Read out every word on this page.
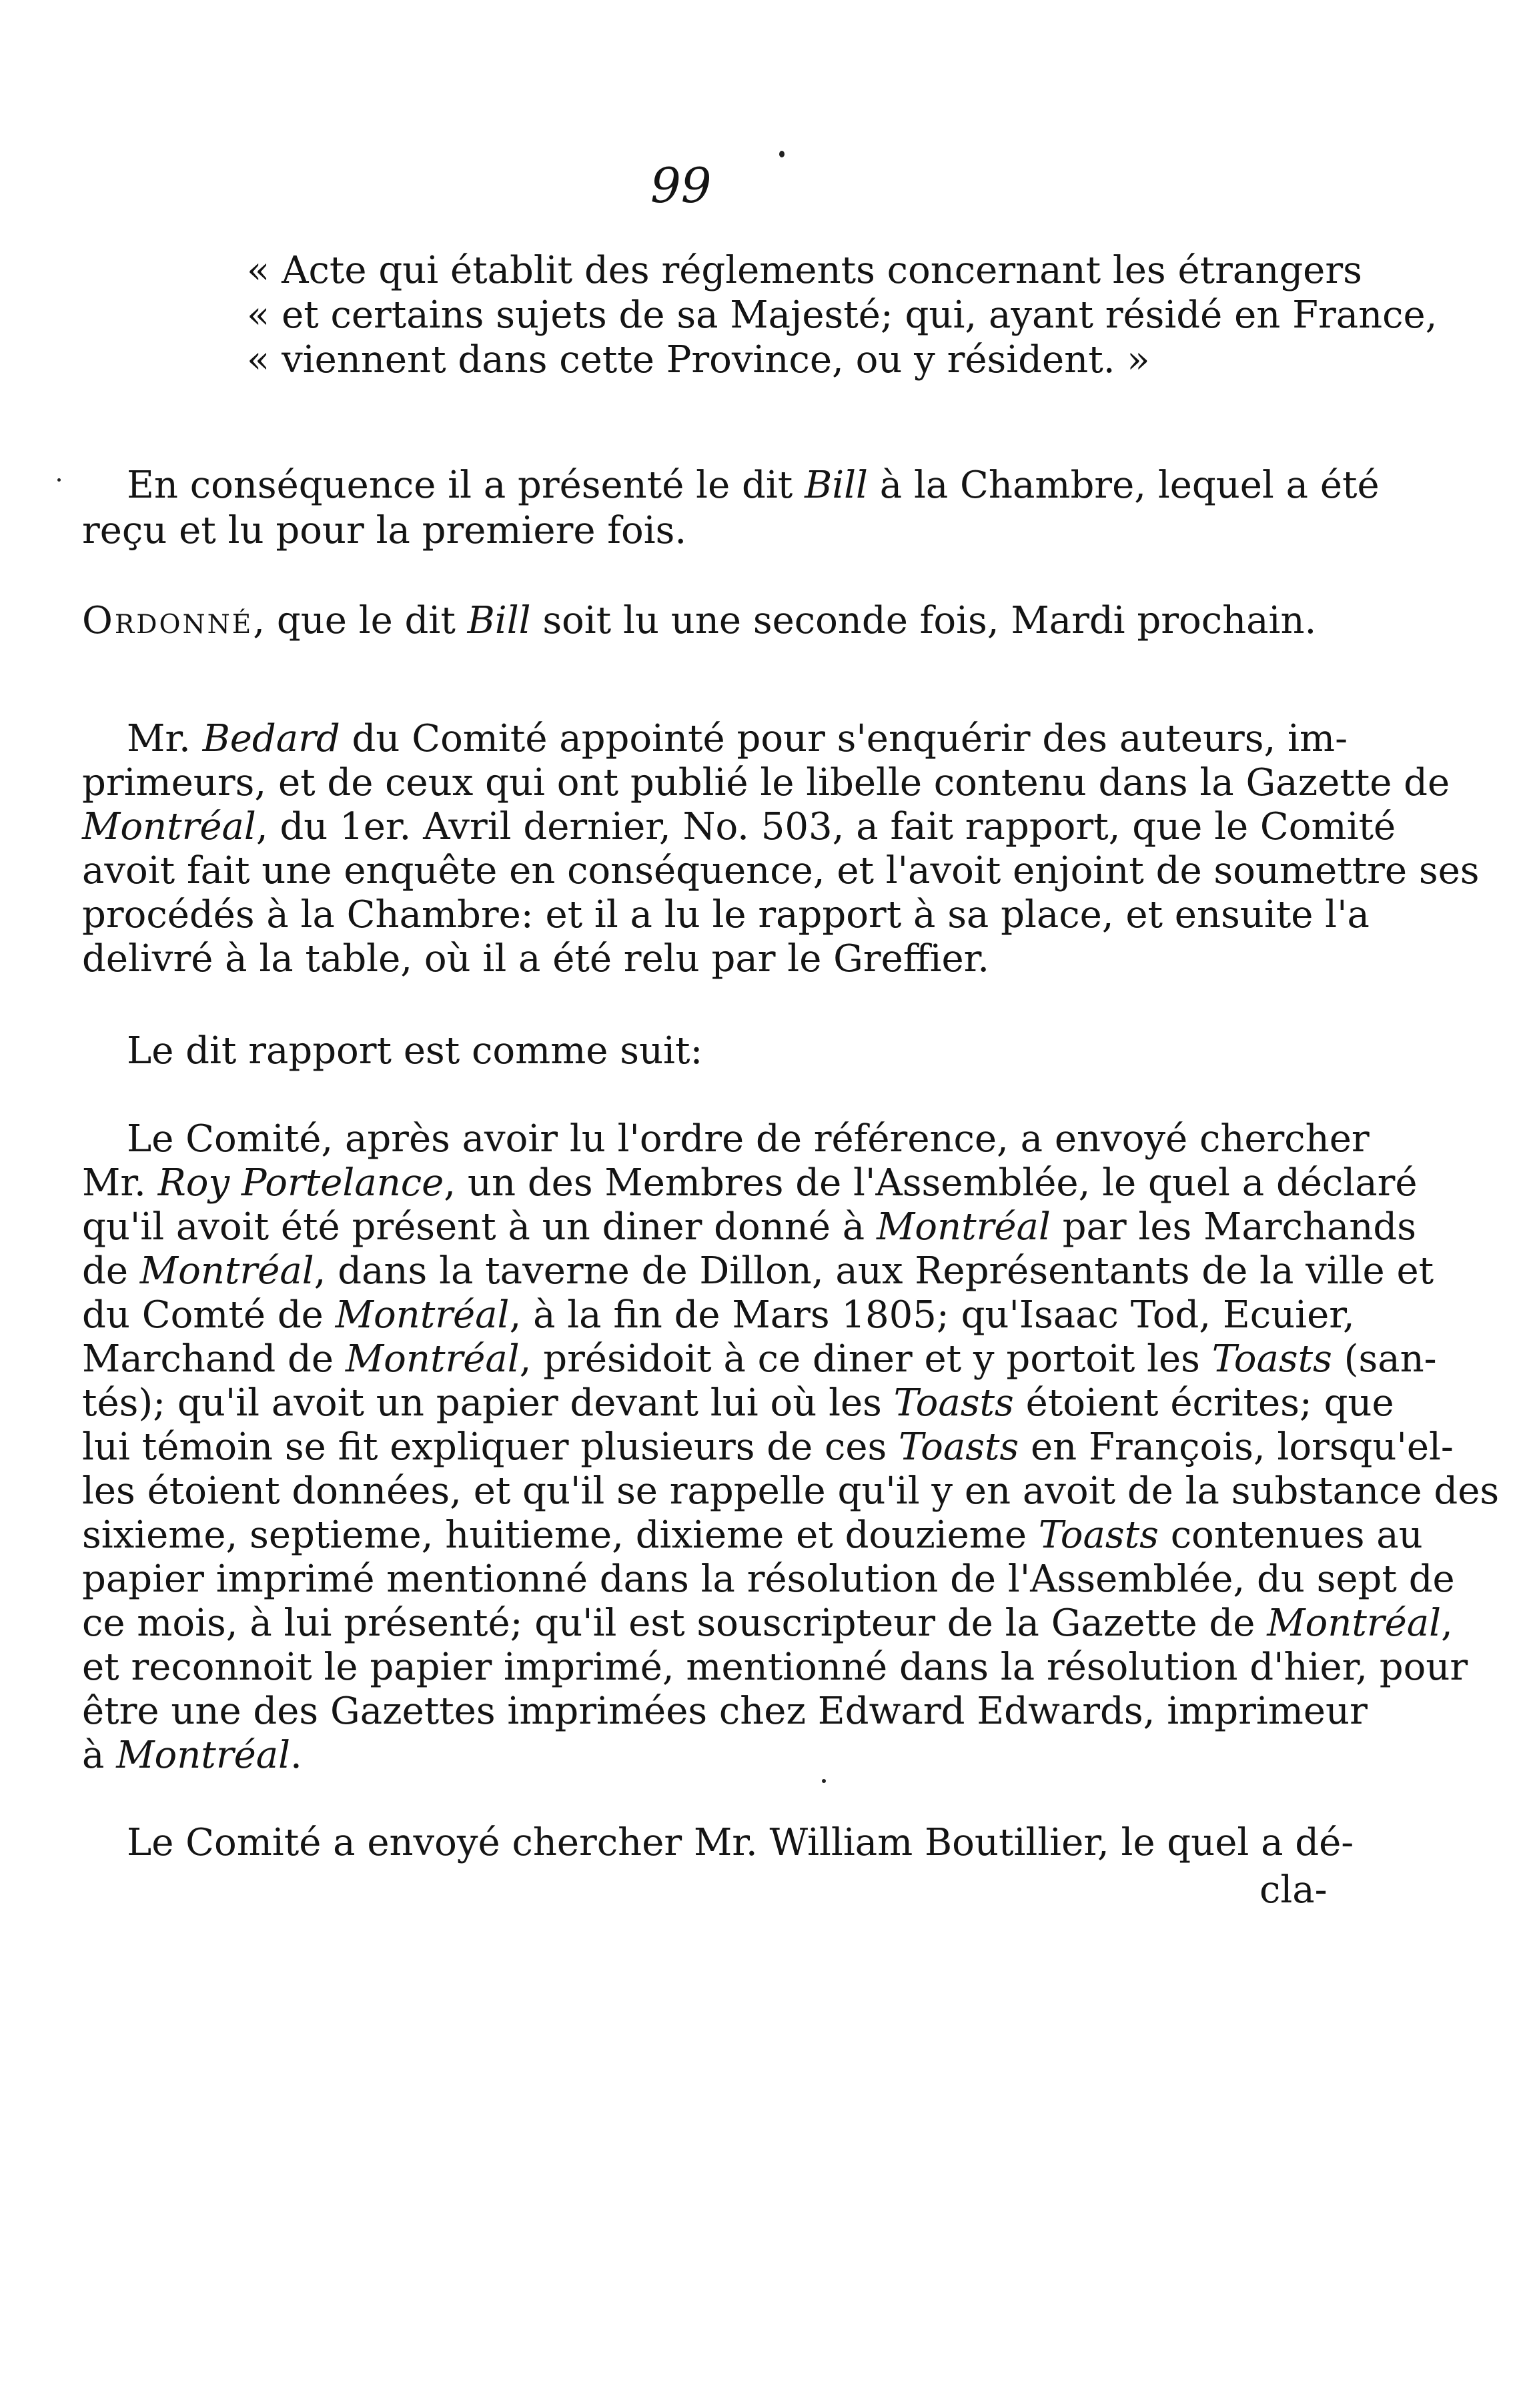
99
« Acte qui établit des réglements concernant les étrangers
« et certains sujets de sa Majesté; qui, ayant résidé en France,
« viennent dans cette Province, ou y résident. »
En conséquence il a présenté le dit Bill à la Chambre, lequel a été
reçu et lu pour la premiere fois.
Ordonné, que le dit Bill soit lu une seconde fois, Mardi prochain.
Mr. Bedard du Comité appointé pour s'enquérir des auteurs, im-
primeurs, et de ceux qui ont publié le libelle contenu dans la Gazette de
Montréal, du 1er. Avril dernier, No. 503, a fait rapport, que le Comité
avoit fait une enquête en conséquence, et l'avoit enjoint de soumettre ses
procédés à la Chambre: et il a lu le rapport à sa place, et ensuite l'a
delivré à la table, où il a été relu par le Greffier.
Le dit rapport est comme suit:
Le Comité, après avoir lu l'ordre de référence, a envoyé chercher
Mr. Roy Portelance, un des Membres de l'Assemblée, le quel a déclaré
qu'il avoit été présent à un diner donné à Montréal par les Marchands
de Montréal, dans la taverne de Dillon, aux Représentants de la ville et
du Comté de Montréal, à la fin de Mars 1805; qu'Isaac Tod, Ecuier,
Marchand de Montréal, présidoit à ce diner et y portoit les Toasts (san-
tés); qu'il avoit un papier devant lui où les Toasts étoient écrites; que
lui témoin se fit expliquer plusieurs de ces Toasts en François, lorsqu'el-
les étoient données, et qu'il se rappelle qu'il y en avoit de la substance des
sixieme, septieme, huitieme, dixieme et douzieme Toasts contenues au
papier imprimé mentionné dans la résolution de l'Assemblée, du sept de
ce mois, à lui présenté; qu'il est souscripteur de la Gazette de Montréal,
et reconnoit le papier imprimé, mentionné dans la résolution d'hier, pour
être une des Gazettes imprimées chez Edward Edwards, imprimeur
à Montréal.
Le Comité a envoyé chercher Mr. William Boutillier, le quel a dé-
cla-
